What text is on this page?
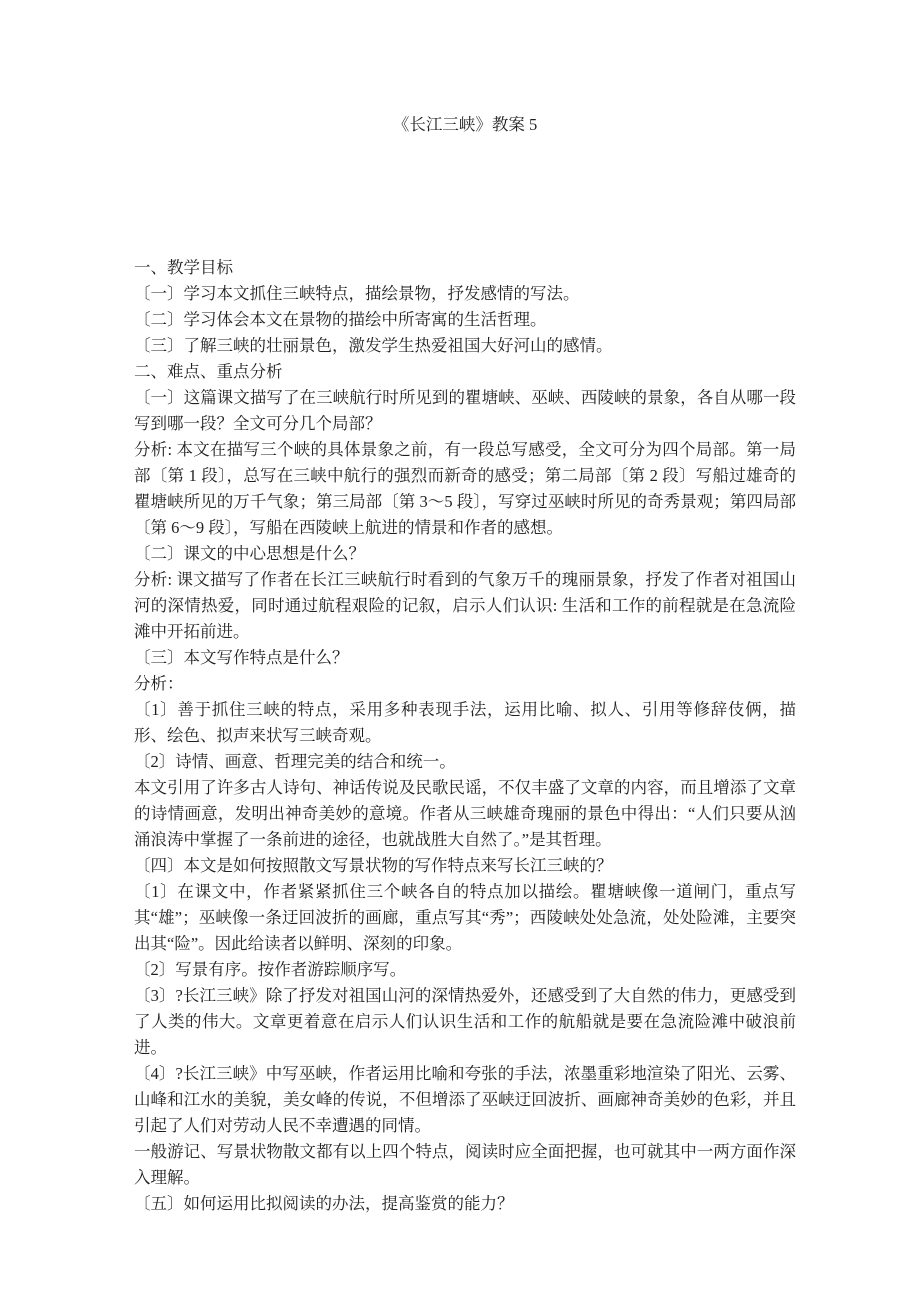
《长江三峡》教案 5

一、教学目标

〔一〕学习本文抓住三峡特点，描绘景物，抒发感情的写法。

〔二〕学习体会本文在景物的描绘中所寄寓的生活哲理。

〔三〕了解三峡的壮丽景色，激发学生热爱祖国大好河山的感情。

二、难点、重点分析

〔一〕这篇课文描写了在三峡航行时所见到的瞿塘峡、巫峡、西陵峡的景象，各自从哪一段写到哪一段？全文可分几个局部？

分析: 本文在描写三个峡的具体景象之前，有一段总写感受，全文可分为四个局部。第一局部〔第 1 段〕，总写在三峡中航行的强烈而新奇的感受；第二局部〔第 2 段〕写船过雄奇的瞿塘峡所见的万千气象；第三局部〔第 3～5 段〕，写穿过巫峡时所见的奇秀景观；第四局部〔第 6～9 段〕，写船在西陵峡上航进的情景和作者的感想。

〔二〕课文的中心思想是什么？

分析: 课文描写了作者在长江三峡航行时看到的气象万千的瑰丽景象，抒发了作者对祖国山河的深情热爱，同时通过航程艰险的记叙，启示人们认识: 生活和工作的前程就是在急流险滩中开拓前进。

〔三〕本文写作特点是什么？

分析：

〔1〕善于抓住三峡的特点，采用多种表现手法，运用比喻、拟人、引用等修辞伎俩，描形、绘色、拟声来状写三峡奇观。

〔2〕诗情、画意、哲理完美的结合和统一。

本文引用了许多古人诗句、神话传说及民歌民谣，不仅丰盛了文章的内容，而且增添了文章的诗情画意，发明出神奇美妙的意境。作者从三峡雄奇瑰丽的景色中得出：“人们只要从汹涌浪涛中掌握了一条前进的途径，也就战胜大自然了。”是其哲理。

〔四〕本文是如何按照散文写景状物的写作特点来写长江三峡的？

〔1〕在课文中，作者紧紧抓住三个峡各自的特点加以描绘。瞿塘峡像一道闸门，重点写其“雄”；巫峡像一条迂回波折的画廊，重点写其“秀”；西陵峡处处急流，处处险滩，主要突出其“险”。因此给读者以鲜明、深刻的印象。

〔2〕写景有序。按作者游踪顺序写。

〔3〕?长江三峡》除了抒发对祖国山河的深情热爱外，还感受到了大自然的伟力，更感受到了人类的伟大。文章更着意在启示人们认识生活和工作的航船就是要在急流险滩中破浪前进。

〔4〕?长江三峡》中写巫峡，作者运用比喻和夸张的手法，浓墨重彩地渲染了阳光、云雾、山峰和江水的美貌，美女峰的传说，不但增添了巫峡迂回波折、画廊神奇美妙的色彩，并且引起了人们对劳动人民不幸遭遇的同情。

一般游记、写景状物散文都有以上四个特点，阅读时应全面把握，也可就其中一两方面作深入理解。

〔五〕如何运用比拟阅读的办法，提高鉴赏的能力？
